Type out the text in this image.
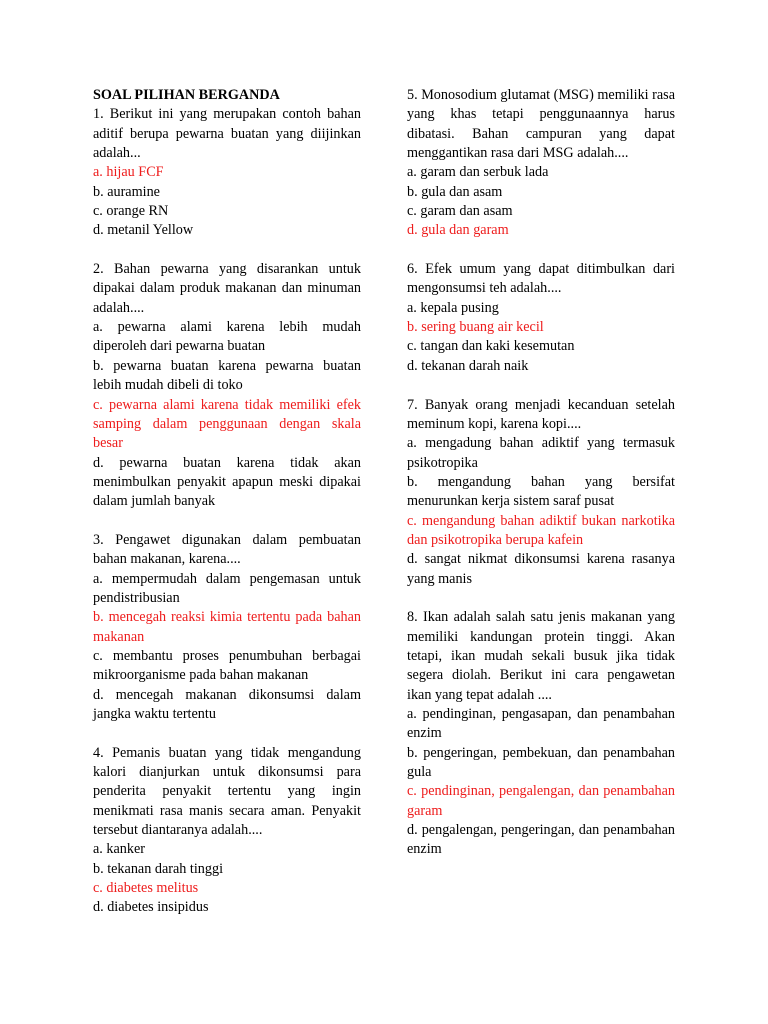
SOAL PILIHAN BERGANDA

1. Berikut ini yang merupakan contoh bahan aditif berupa pewarna buatan yang diijinkan adalah...

a. hijau FCF

b. auramine

c. orange RN

d. metanil Yellow

2. Bahan pewarna yang disarankan untuk dipakai dalam produk makanan dan minuman adalah....

a. pewarna alami karena lebih mudah diperoleh dari pewarna buatan

b. pewarna buatan karena pewarna buatan lebih mudah dibeli di toko

c. pewarna alami karena tidak memiliki efek samping dalam penggunaan dengan skala besar

d. pewarna buatan karena tidak akan menimbulkan penyakit apapun meski dipakai dalam jumlah banyak

3. Pengawet digunakan dalam pembuatan bahan makanan, karena....

a. mempermudah dalam pengemasan untuk pendistribusian

b. mencegah reaksi kimia tertentu pada bahan makanan

c. membantu proses penumbuhan berbagai mikroorganisme pada bahan makanan

d. mencegah makanan dikonsumsi dalam jangka waktu tertentu

4. Pemanis buatan yang tidak mengandung kalori dianjurkan untuk dikonsumsi para penderita penyakit tertentu yang ingin menikmati rasa manis secara aman. Penyakit tersebut diantaranya adalah....

a. kanker

b. tekanan darah tinggi

c. diabetes melitus

d. diabetes insipidus

5. Monosodium glutamat (MSG) memiliki rasa yang khas tetapi penggunaannya harus dibatasi. Bahan campuran yang dapat menggantikan rasa dari MSG adalah....

a. garam dan serbuk lada

b. gula dan asam

c. garam dan asam

d. gula dan garam

6. Efek umum yang dapat ditimbulkan dari mengonsumsi teh adalah....

a. kepala pusing

b. sering buang air kecil

c. tangan dan kaki kesemutan

d. tekanan darah naik

7. Banyak orang menjadi kecanduan setelah meminum kopi, karena kopi....

a. mengadung bahan adiktif yang termasuk psikotropika

b. mengandung bahan yang bersifat menurunkan kerja sistem saraf pusat

c. mengandung bahan adiktif bukan narkotika dan psikotropika berupa kafein

d. sangat nikmat dikonsumsi karena rasanya yang manis

8. Ikan adalah salah satu jenis makanan yang memiliki kandungan protein tinggi. Akan tetapi, ikan mudah sekali busuk jika tidak segera diolah. Berikut ini cara pengawetan ikan yang tepat adalah ....

a. pendinginan, pengasapan, dan penambahan enzim

b. pengeringan, pembekuan, dan penambahan gula

c. pendinginan, pengalengan, dan penambahan garam

d. pengalengan, pengeringan, dan penambahan enzim
